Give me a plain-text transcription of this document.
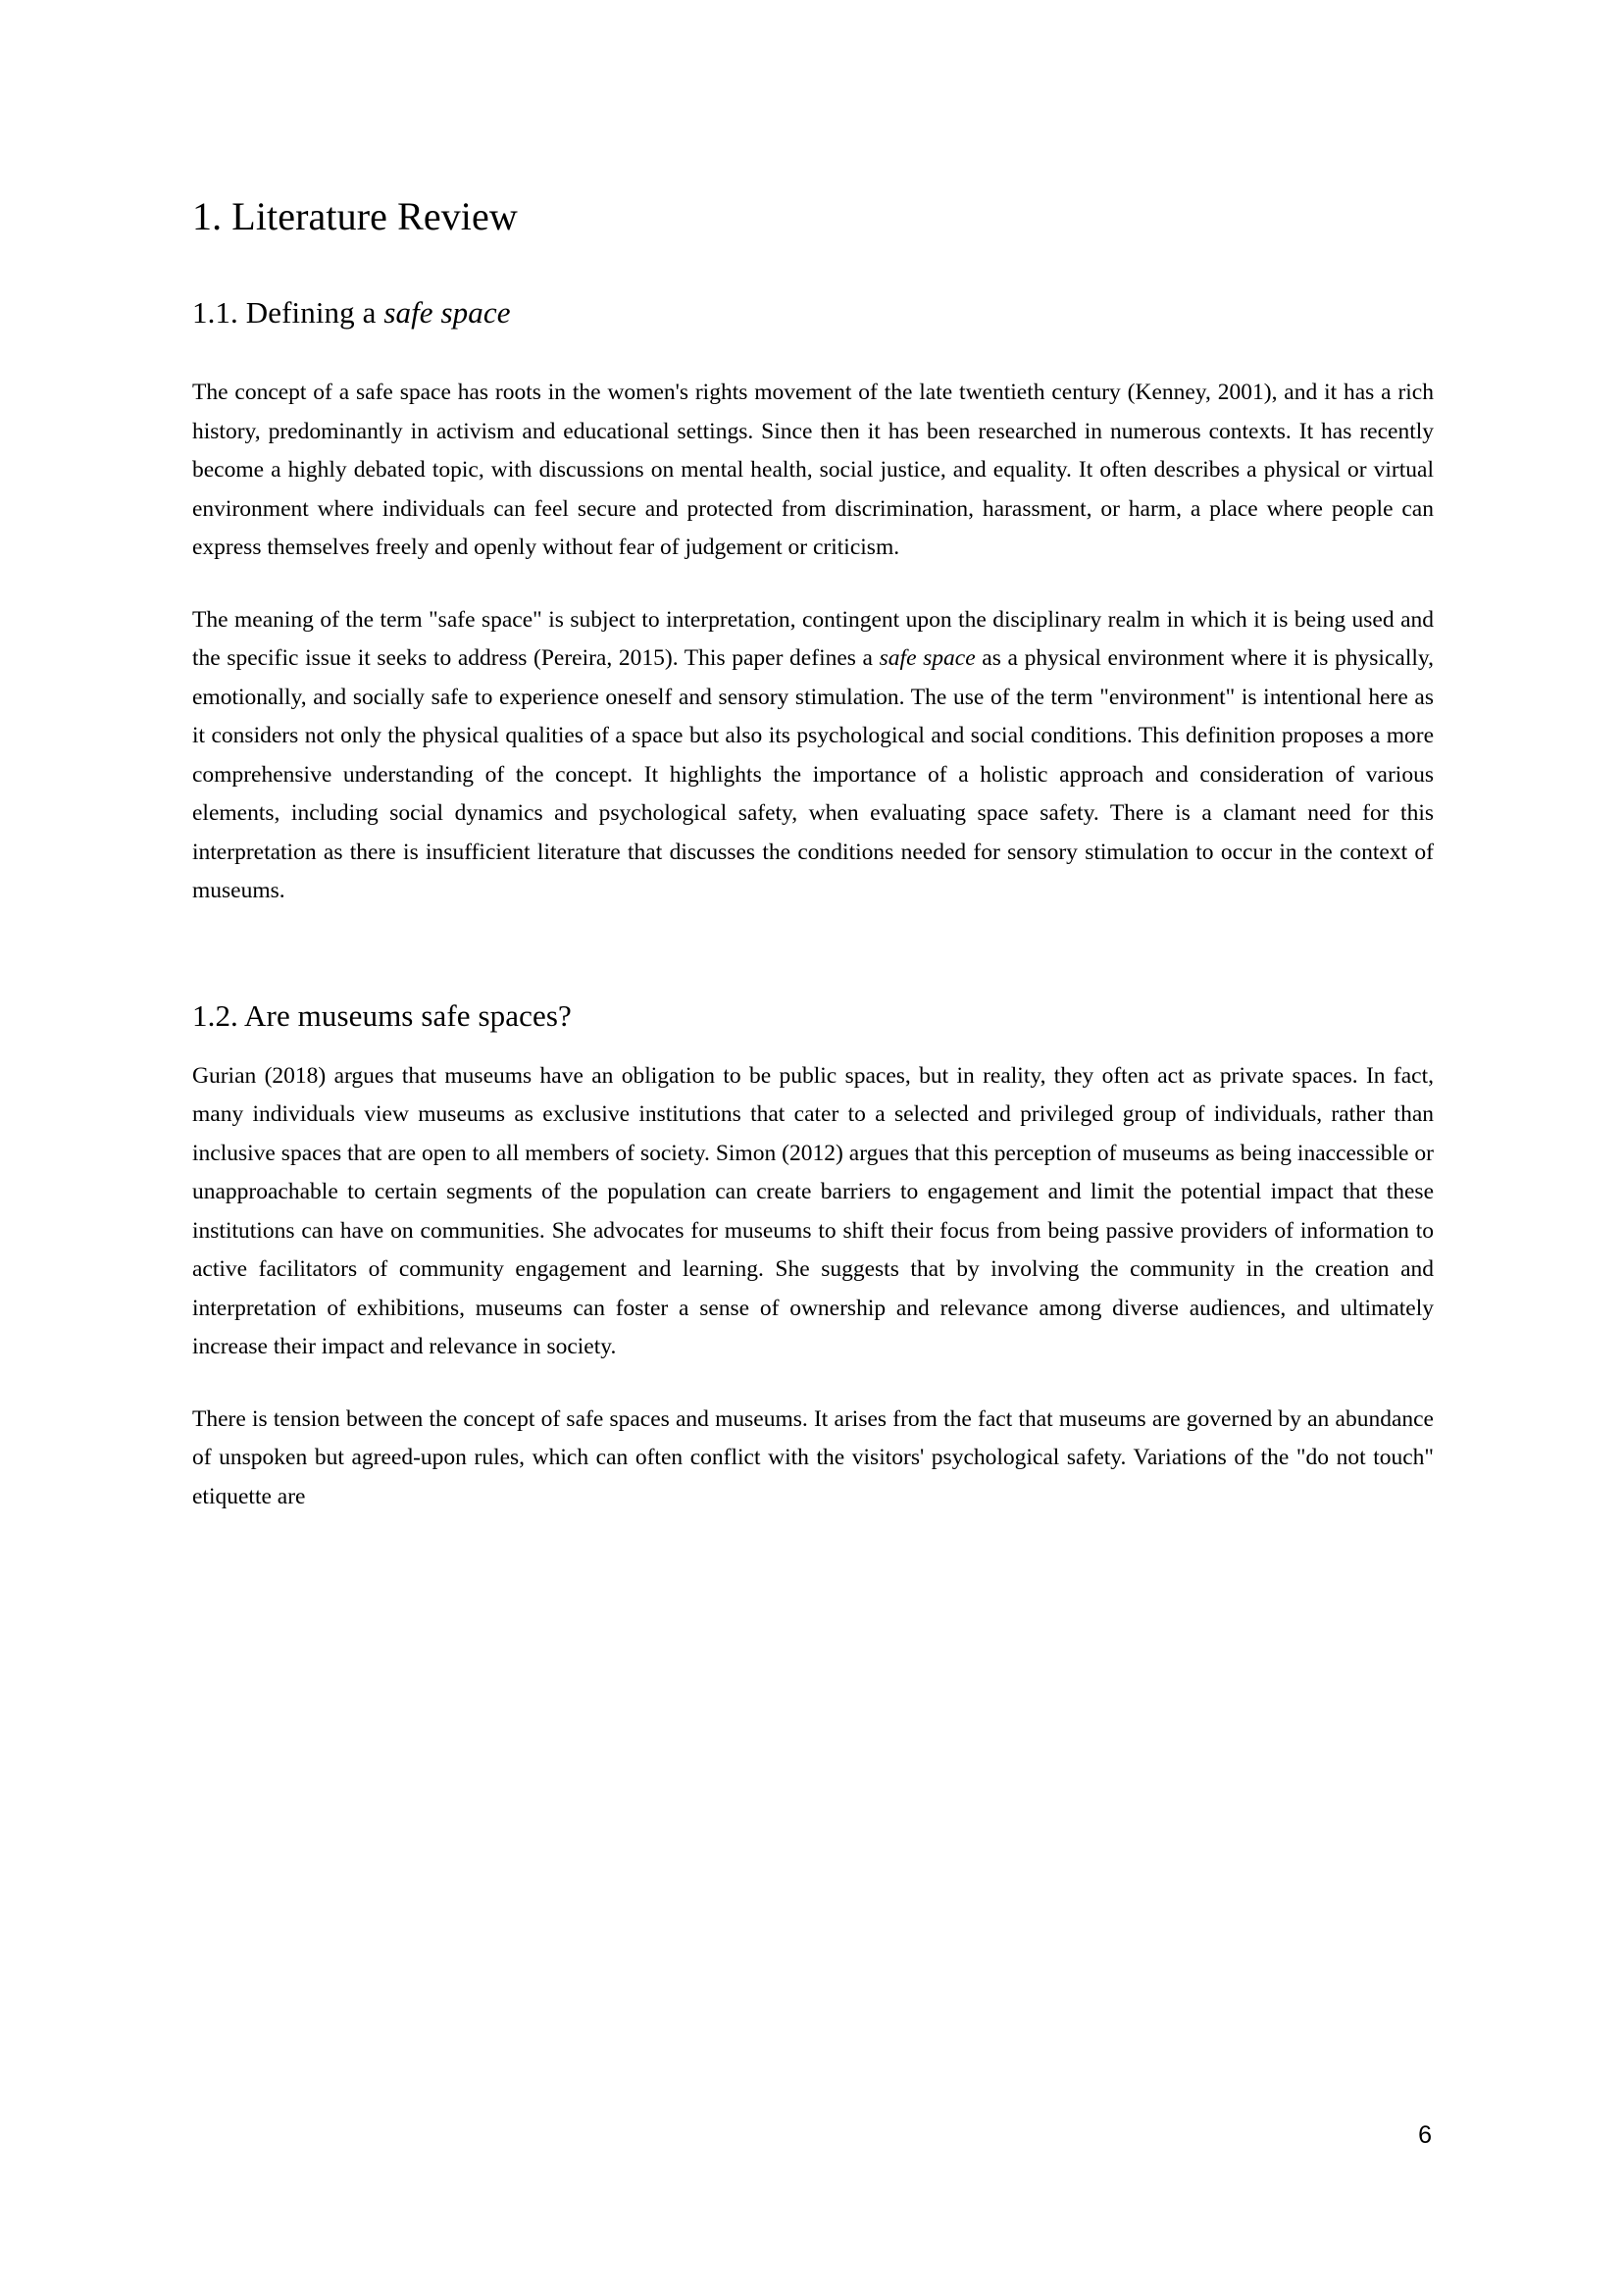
1. Literature Review
1.1. Defining a safe space

The concept of a safe space has roots in the women's rights movement of the late twentieth century (Kenney, 2001), and it has a rich history, predominantly in activism and educational settings. Since then it has been researched in numerous contexts. It has recently become a highly debated topic, with discussions on mental health, social justice, and equality. It often describes a physical or virtual environment where individuals can feel secure and protected from discrimination, harassment, or harm, a place where people can express themselves freely and openly without fear of judgement or criticism.

The meaning of the term "safe space" is subject to interpretation, contingent upon the disciplinary realm in which it is being used and the specific issue it seeks to address (Pereira, 2015). This paper defines a safe space as a physical environment where it is physically, emotionally, and socially safe to experience oneself and sensory stimulation. The use of the term "environment" is intentional here as it considers not only the physical qualities of a space but also its psychological and social conditions. This definition proposes a more comprehensive understanding of the concept. It highlights the importance of a holistic approach and consideration of various elements, including social dynamics and psychological safety, when evaluating space safety. There is a clamant need for this interpretation as there is insufficient literature that discusses the conditions needed for sensory stimulation to occur in the context of museums.

1.2. Are museums safe spaces?

Gurian (2018) argues that museums have an obligation to be public spaces, but in reality, they often act as private spaces. In fact, many individuals view museums as exclusive institutions that cater to a selected and privileged group of individuals, rather than inclusive spaces that are open to all members of society. Simon (2012) argues that this perception of museums as being inaccessible or unapproachable to certain segments of the population can create barriers to engagement and limit the potential impact that these institutions can have on communities. She advocates for museums to shift their focus from being passive providers of information to active facilitators of community engagement and learning. She suggests that by involving the community in the creation and interpretation of exhibitions, museums can foster a sense of ownership and relevance among diverse audiences, and ultimately increase their impact and relevance in society.

There is tension between the concept of safe spaces and museums. It arises from the fact that museums are governed by an abundance of unspoken but agreed-upon rules, which can often conflict with the visitors' psychological safety. Variations of the "do not touch" etiquette are

6
